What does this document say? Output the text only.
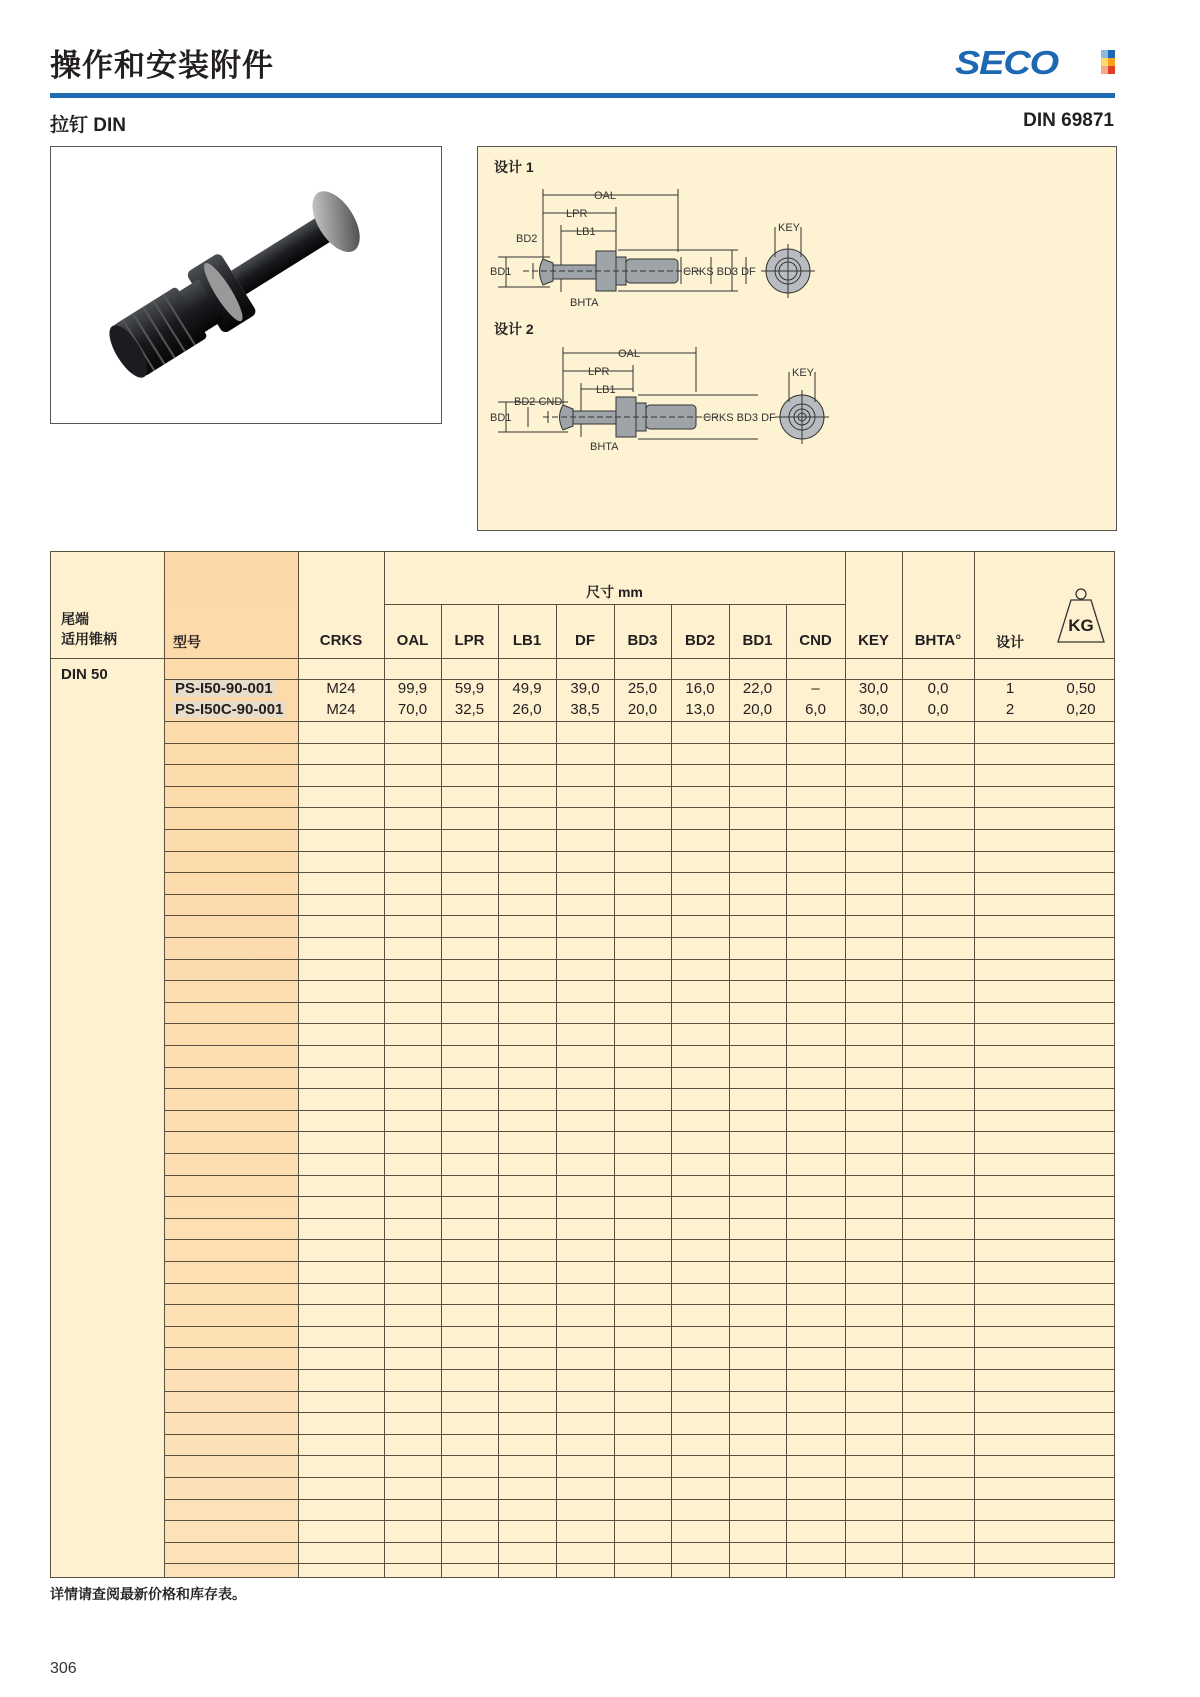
操作和安装附件	SECO
拉钉 DIN	DIN 69871
设计 1
设计 2
OAL
LPR
LB1
BD2
BD1	CRKS BD3 DF
BHTA
KEY
OAL
LPR
LB1
BD2 CND
BD1	CRKS BD3 DF
BHTA
KEY
尾端
适用锥柄	型号	CRKS
尺寸 mm
OAL	LPR	LB1	DF	BD3	BD2	BD1	CND	KEY	BHTA°	设计
KG
DIN 50
PS-I50-90-001	M24	99,9	59,9	49,9	39,0	25,0	16,0	22,0	–	30,0	0,0	1	0,50
PS-I50C-90-001	M24	70,0	32,5	26,0	38,5	20,0	13,0	20,0	6,0	30,0	0,0	2	0,20
详情请查阅最新价格和库存表。
306
